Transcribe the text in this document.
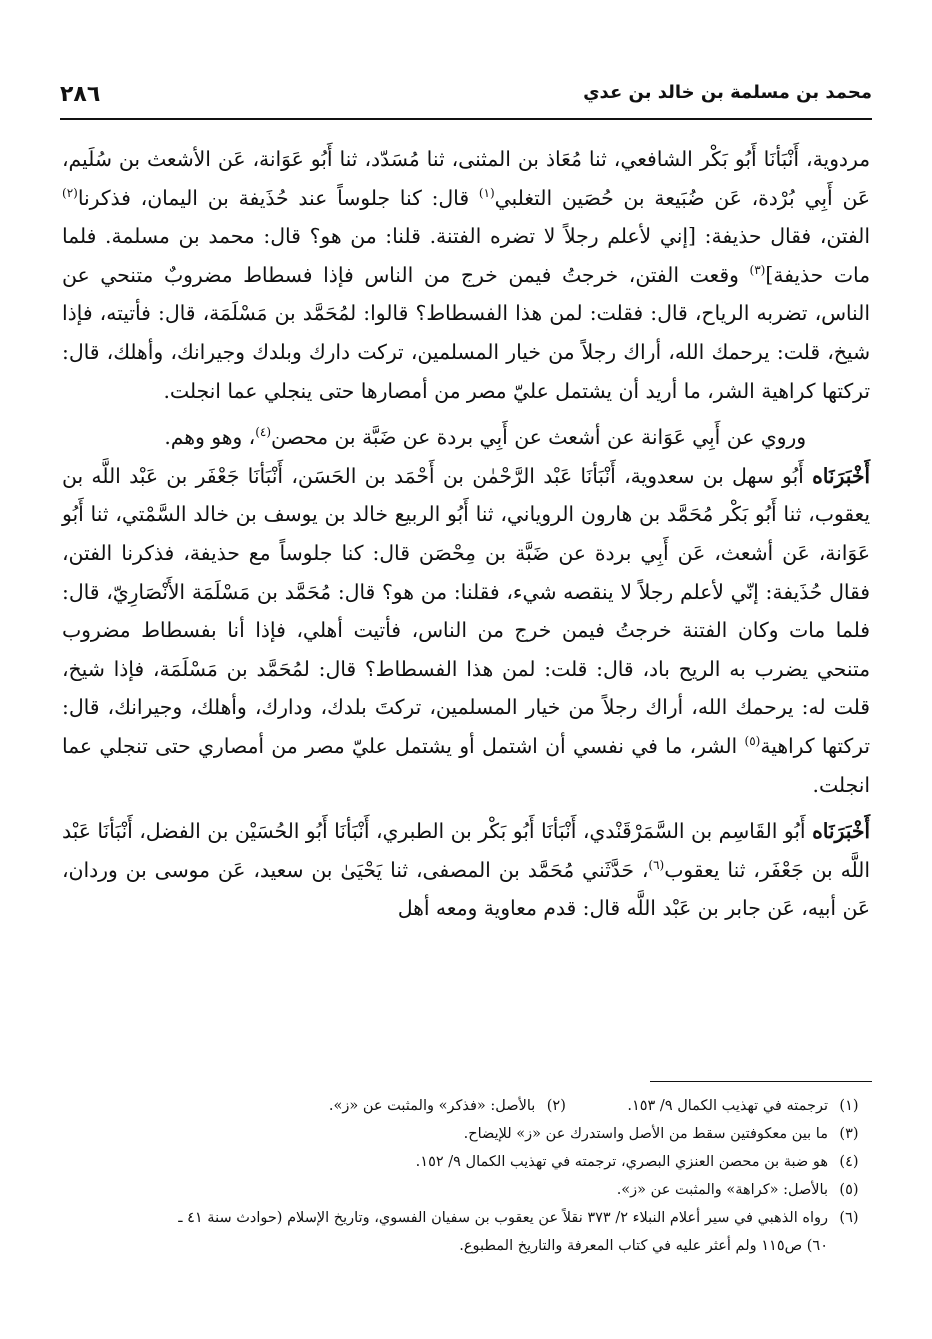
٢٨٦	محمد بن مسلمة بن خالد بن عدي

مردوية، أَنْبَأنَا أَبُو بَكْر الشافعي، ثنا مُعَاذ بن المثنى، ثنا مُسَدّد، ثنا أَبُو عَوَانة، عَن الأشعث بن سُلَيم، عَن أَبِي بُرْدة، عَن ضُبَيعة بن حُصَين التغلبي$^{(١)}$ قال: كنا جلوساً عند حُذَيفة بن اليمان، فذكرنا$^{(٢)}$ الفتن، فقال حذيفة: [إني لأعلم رجلاً لا تضره الفتنة. قلنا: من هو؟ قال: محمد بن مسلمة. فلما مات حذيفة]$^{(٣)}$ وقعت الفتن، خرجتُ فيمن خرج من الناس فإذا فسطاط مضروبٌ متنحي عن الناس، تضربه الرياح، قال: فقلت: لمن هذا الفسطاط؟ قالوا: لمُحَمَّد بن مَسْلَمَة، قال: فأتيته، فإذا شيخ، قلت: يرحمك الله، أراك رجلاً من خيار المسلمين، تركت دارك وبلدك وجيرانك، وأهلك، قال: تركتها كراهية الشر، ما أريد أن يشتمل عليّ مصر من أمصارها حتى ينجلي عما انجلت.

وروي عن أَبِي عَوَانة عن أشعث عن أَبِي بردة عن ضَبَّة بن محصن$^{(٤)}$، وهو وهم.

أَخْبَرَنَاه أَبُو سهل بن سعدوية، أَنْبَأنَا عَبْد الرَّحْمٰن بن أَحْمَد بن الحَسَن، أَنْبَأنَا جَعْفَر بن عَبْد اللَّه بن يعقوب، ثنا أَبُو بَكْر مُحَمَّد بن هارون الروياني، ثنا أَبُو الربيع خالد بن يوسف بن خالد السَّمْتي، ثنا أَبُو عَوَانة، عَن أشعث، عَن أَبِي بردة عن ضَبَّة بن مِحْصَن قال: كنا جلوساً مع حذيفة، فذكرنا الفتن، فقال حُذَيفة: إنّي لأعلم رجلاً لا ينقصه شيء، فقلنا: من هو؟ قال: مُحَمَّد بن مَسْلَمَة الأَنْصَارِيّ، قال: فلما مات وكان الفتنة خرجتُ فيمن خرج من الناس، فأتيت أهلي، فإذا أنا بفسطاط مضروب متنحي يضرب به الريح باد، قال: قلت: لمن هذا الفسطاط؟ قال: لمُحَمَّد بن مَسْلَمَة، فإذا شيخ، قلت له: يرحمك الله، أراك رجلاً من خيار المسلمين، تركتَ بلدك، ودارك، وأهلك، وجيرانك، قال: تركتها كراهية$^{(٥)}$ الشر، ما في نفسي أن اشتمل أو يشتمل عليّ مصر من أمصاري حتى تنجلي عما انجلت.

أَخْبَرَنَاه أَبُو القَاسِم بن السَّمَرْقَنْدي، أَنْبَأنَا أَبُو بَكْر بن الطبري، أَنْبَأنَا أَبُو الحُسَيْن بن الفضل، أَنْبَأنَا عَبْد اللَّه بن جَعْفَر، ثنا يعقوب$^{(٦)}$، حَدَّثَني مُحَمَّد بن المصفى، ثنا يَحْيَىٰ بن سعيد، عَن موسى بن وردان، عَن أبيه، عَن جابر بن عَبْد اللَّه قال: قدم معاوية ومعه أهل

(١)ترجمته في تهذيب الكمال ٩/ ١٥٣.
(٢)بالأصل: «فذكر» والمثبت عن «ز».
(٣)
ما بين معكوفتين سقط من الأصل واستدرك عن «ز» للإيضاح.
(٤)
هو ضبة بن محصن العنزي البصري، ترجمته في تهذيب الكمال ٩/ ١٥٢.
(٥)
بالأصل: «كراهة» والمثبت عن «ز».
(٦)
رواه الذهبي في سير أعلام النبلاء ٢/ ٣٧٣ نقلاً عن يعقوب بن سفيان الفسوي، وتاريخ الإسلام (حوادث سنة ٤١ ـ
٦٠) ص١١٥ ولم أعثر عليه في كتاب المعرفة والتاريخ المطبوع.
